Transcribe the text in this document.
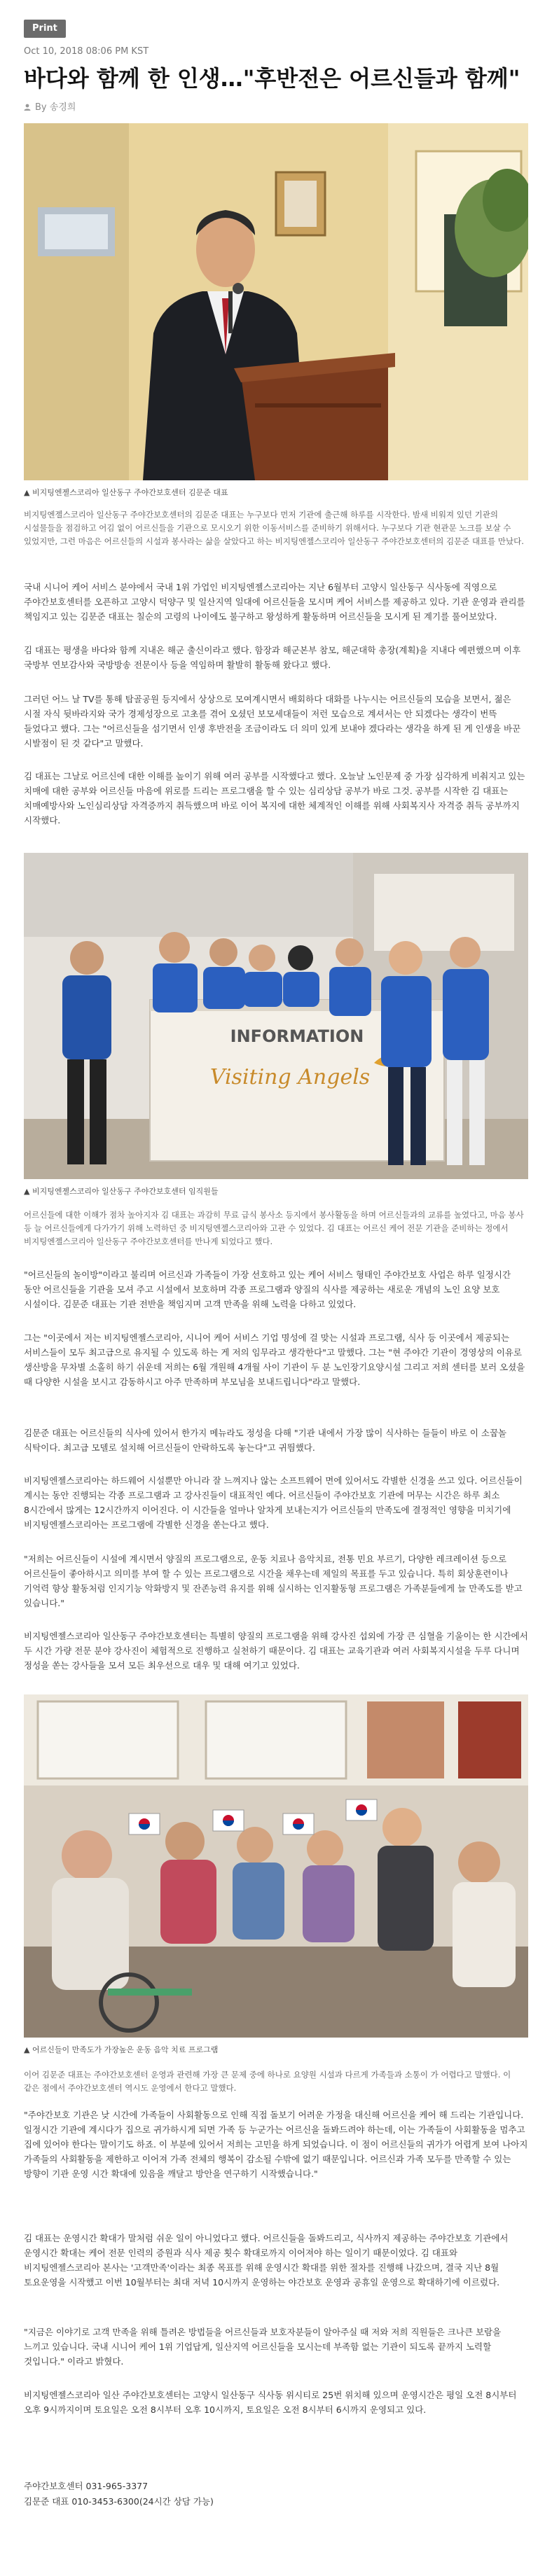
Print
Oct 10, 2018 08:06 PM KST
바다와 함께 한 인생…"후반전은 어르신들과 함께"
By 송경희
▲ 비지팅엔젤스코리아 일산동구 주야간보호센터 김문준 대표
비지팅엔젤스코리아 일산동구 주야간보호센터의 김문준 대표는 누구보다 먼저 기관에 출근해 하루를 시작한다. 밤새 비워져 있던 기관의 시설물들을 점검하고 어김 없이 어르신들을 기관으로 모시오기 위한 이동서비스를 준비하기 위해서다. 누구보다 기관 현관문 노크를 보살 수 있었지만, 그런 마음은 어르신들의 시설과 봉사라는 삶을 살았다고 하는 비지팅엔젤스코리아 일산동구 주야간보호센터의 김문준 대표를 만났다.
국내 시니어 케어 서비스 분야에서 국내 1위 가업인 비지팅엔젤스코리아는 지난 6월부터 고양시 일산동구 식사동에 직영으로 주야간보호센터를 오픈하고 고양시 덕양구 및 일산지역 일대에 어르신들을 모시며 케어 서비스를 제공하고 있다. 기관 운영과 관리를 책임지고 있는 김문준 대표는 칠순의 고령의 나이에도 불구하고 왕성하게 활동하며 어르신들을 모시게 된 계기를 풀어보았다.
김 대표는 평생을 바다와 함께 지내온 해군 출신이라고 했다. 함장과 해군본부 참모, 해군대학 총장(계획)을 지내다 예편했으며 이후 국방부 연보감사와 국방방송 전문이사 등을 역임하며 활발히 활동해 왔다고 했다.
그러던 어느 날 TV를 통해 탑골공원 등지에서 상상으로 모여계시면서 배회하다 대화를 나누시는 어르신들의 모습을 보면서, 젊은 시절 자식 뒷바라지와 국가 경제성장으로 고초를 겪어 오셨던 보모세대들이 저런 모습으로 계셔서는 안 되겠다는 생각이 번뜩 들었다고 했다. 그는 "어르신들을 섬기면서 인생 후반전을 조금이라도 더 의미 있게 보내야 겠다라는 생각을 하게 된 게 인생을 바꾼 시발점이 된 것 같다"고 말했다.
김 대표는 그날로 어르신에 대한 이해를 높이기 위해 여러 공부를 시작했다고 했다. 오늘날 노인문제 중 가장 심각하게 비춰지고 있는 치매에 대한 공부와 어르신들 마음에 위로를 드리는 프로그램을 할 수 있는 심리상담 공부가 바로 그것. 공부를 시작한 김 대표는 치매예방사와 노인심리상담 자격증까지 취득했으며 바로 이어 복지에 대한 체계적인 이해를 위해 사회복지사 자격증 취득 공부까지 시작했다.
INFORMATION
Visiting Angels
▲ 비지팅엔젤스코리아 일산동구 주야간보호센터 임직원들
어르신들에 대한 이해가 점차 높아지자 김 대표는 과감히 무료 급식 봉사소 등지에서 봉사활동을 하며 어르신들과의 교류를 높였다고, 마음 봉사 등 늘 어르신들에게 다가가기 위해 노력하던 중 비지팅엔젤스코리아와 고관 수 있었다. 김 대표는 어르신 케어 전문 기관을 준비하는 정에서 비지팅엔젤스코리아 일산동구 주야간보호센터를 만나게 되었다고 했다.
"어르신들의 놀이방"이라고 불리며 어르신과 가족들이 가장 선호하고 있는 케어 서비스 형태인 주야간보호 사업은 하루 일정시간 동안 어르신들을 기관을 모셔 주고 시설에서 보호하며 각종 프로그램과 양질의 식사를 제공하는 새로운 개념의 노인 요양 보호 시설이다. 김문준 대표는 기관 전반을 책임지며 고객 만족을 위해 노력을 다하고 있었다.
그는 "이곳에서 저는 비지팅엔젤스코리아, 시니어 케어 서비스 기업 명성에 걸 맞는 시설과 프로그램, 식사 등 이곳에서 제공되는 서비스들이 모두 최고급으로 유지될 수 있도록 하는 게 저의 임무라고 생각한다"고 말했다. 그는 "현 주야간 기관이 경영상의 이유로 생산방을 무차별 소홀히 하기 쉬운데 저희는 6월 개원해 4개월 사이 기관이 두 분 노인장기요양시설 그리고 저희 센터를 보러 오셨을 때 다양한 시설을 보시고 감동하시고 아주 만족하며 부모님을 보내드립니다"라고 말했다.
김문준 대표는 어르신들의 식사에 있어서 한가지 메뉴라도 정성을 다해 "기관 내에서 가장 많이 식사하는 들들이 바로 이 소꿉놀 식탁이다. 최고급 모델로 설치해 어르신들이 안락하도록 놓는다"고 귀띔했다.
비지팅엔젤스코리아는 하드웨어 시설뿐만 아니라 잘 느껴지나 않는 소프트웨어 면에 있어서도 각별한 신경을 쓰고 있다. 어르신들이 계시는 동안 진행되는 각종 프로그램과 고 강사진들이 대표적인 예다. 어르신들이 주야간보호 기관에 머무는 시간은 하루 최소 8시간에서 많게는 12시간까지 이어진다. 이 시간들을 얼마나 알차게 보내는지가 어르신들의 만족도에 결정적인 영향을 미치기에 비지팅엔젤스코리아는 프로그램에 각별한 신경을 쏟는다고 했다.
"저희는 어르신들이 시설에 계시면서 양질의 프로그램으로, 운동 치료나 음악치료, 전통 민요 부르기, 다양한 레크레이션 등으로 어르신들이 좋아하시고 의미를 부여 할 수 있는 프로그램으로 시간을 채우는데 제일의 목표를 두고 있습니다. 특히 회상훈련이나 기억력 향상 활동처럼 인지기능 악화방지 및 잔존능력 유지를 위해 실시하는 인지활동형 프로그램은 가족분들에게 늘 만족도를 받고 있습니다."
비지팅엔젤스코리아 일산동구 주야간보호센터는 특별히 양질의 프로그램을 위해 강사진 섭외에 가장 큰 심혈을 기울이는 한 시간에서 두 시간 가량 전문 분야 강사진이 체험적으로 진행하고 실천하기 때문이다. 김 대표는 교육기관과 여러 사회복지시설을 두루 다니며 정성을 쏟는 강사들을 모셔 모든 최우선으로 대우 및 대해 여기고 있었다.
▲ 어르신들이 만족도가 가장높은 운동 음악 치료 프로그램
이어 김문준 대표는 주야간보호센터 운영과 관련해 가장 큰 문제 중에 하나로 요양원 시설과 다르게 가족들과 소통이 가 어렵다고 말했다. 이 같은 점에서 주야간보호센터 역시도 운영에서 한다고 말했다.
"주야간보호 기관은 낮 시간에 가족들이 사회활동으로 인해 직접 돌보기 어려운 가정을 대신해 어르신을 케어 해 드리는 기관입니다. 일정시간 기관에 계시다가 집으로 귀가하시게 되면 가족 등 누군가는 어르신을 돌봐드려야 하는데, 이는 가족들이 사회활동을 멈추고 집에 있어야 한다는 말이기도 하죠. 이 부분에 있어서 저희는 고민을 하게 되었습니다. 이 점이 어르신들의 귀가가 어렵게 보여 나아지 가족들의 사회활동을 제한하고 이어져 가족 전체의 행복이 감소될 수밖에 없기 때문입니다. 어르신과 가족 모두를 만족할 수 있는 방향이 기관 운영 시간 확대에 있음을 깨달고 방안을 연구하기 시작했습니다."
김 대표는 운영시간 확대가 말처럼 쉬운 일이 아니었다고 했다. 어르신들을 돌봐드리고, 식사까지 제공하는 주야간보호 기관에서 운영시간 확대는 케어 전문 인력의 증원과 식사 제공 횟수 확대로까지 이어져야 하는 일이기 때문이었다. 김 대표와 비지팅엔젤스코리아 본사는 '고객만족'이라는 최종 목표를 위해 운영시간 확대를 위한 절차를 진행해 나갔으며, 결국 지난 8월 토요운영을 시작했고 이번 10월부터는 최대 저녁 10시까지 운영하는 야간보호 운영과 공휴일 운영으로 확대하기에 이르렀다.
"지금은 이야기로 고객 만족을 위해 틀려온 방법들을 어르신들과 보호자분들이 알아주실 때 저와 저희 직원들은 크나큰 보람을 느끼고 있습니다. 국내 시니어 케어 1위 기업답게, 일산지역 어르신들을 모시는데 부족함 없는 기관이 되도록 끝까지 노력할 것입니다." 이라고 밝혔다.
비지팅엔젤스코리아 일산 주야간보호센터는 고양시 일산동구 식사동 위시티로 25번 위치해 있으며 운영시간은 평일 오전 8시부터 오후 9시까지이며 토요일은 오전 8시부터 오후 10시까지, 토요일은 오전 8시부터 6시까지 운영되고 있다.
주야간보호센터 031-965-3377
김문준 대표 010-3453-6300(24시간 상담 가능)
